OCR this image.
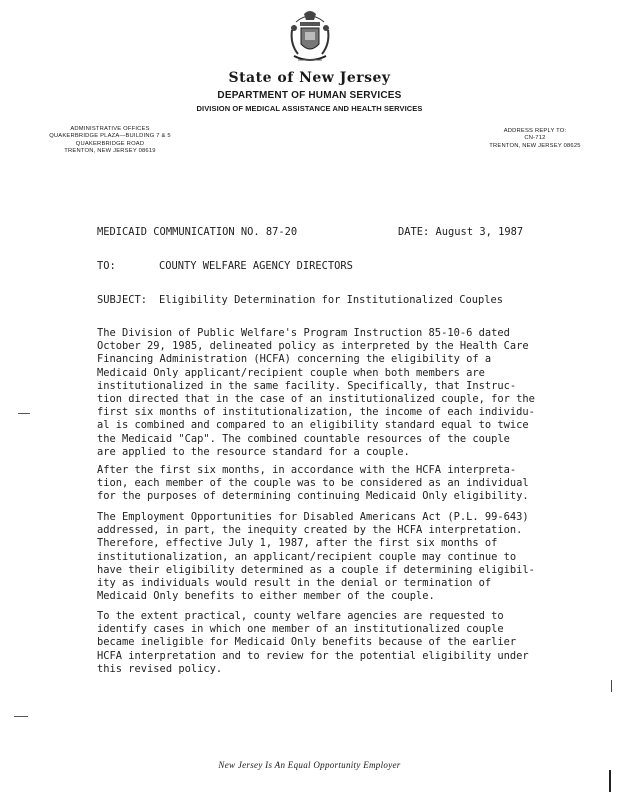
State of New Jersey
DEPARTMENT OF HUMAN SERVICES
DIVISION OF MEDICAL ASSISTANCE AND HEALTH SERVICES
ADMINISTRATIVE OFFICES
QUAKERBRIDGE PLAZA—BUILDING 7 & 5
QUAKERBRIDGE ROAD
TRENTON, NEW JERSEY 08619
ADDRESS REPLY TO:
CN-712
TRENTON, NEW JERSEY 08625
MEDICAID COMMUNICATION NO. 87-20	DATE: August 3, 1987
TO:	COUNTY WELFARE AGENCY DIRECTORS
SUBJECT: Eligibility Determination for Institutionalized Couples
The Division of Public Welfare's Program Instruction 85-10-6 dated
October 29, 1985, delineated policy as interpreted by the Health Care
Financing Administration (HCFA) concerning the eligibility of a
Medicaid Only applicant/recipient couple when both members are
institutionalized in the same facility. Specifically, that Instruc-
tion directed that in the case of an institutionalized couple, for the
first six months of institutionalization, the income of each individu-
al is combined and compared to an eligibility standard equal to twice
the Medicaid "Cap". The combined countable resources of the couple
are applied to the resource standard for a couple.
After the first six months, in accordance with the HCFA interpreta-
tion, each member of the couple was to be considered as an individual
for the purposes of determining continuing Medicaid Only eligibility.
The Employment Opportunities for Disabled Americans Act (P.L. 99-643)
addressed, in part, the inequity created by the HCFA interpretation.
Therefore, effective July 1, 1987, after the first six months of
institutionalization, an applicant/recipient couple may continue to
have their eligibility determined as a couple if determining eligibil-
ity as individuals would result in the denial or termination of
Medicaid Only benefits to either member of the couple.
To the extent practical, county welfare agencies are requested to
identify cases in which one member of an institutionalized couple
became ineligible for Medicaid Only benefits because of the earlier
HCFA interpretation and to review for the potential eligibility under
this revised policy.
New Jersey Is An Equal Opportunity Employer
